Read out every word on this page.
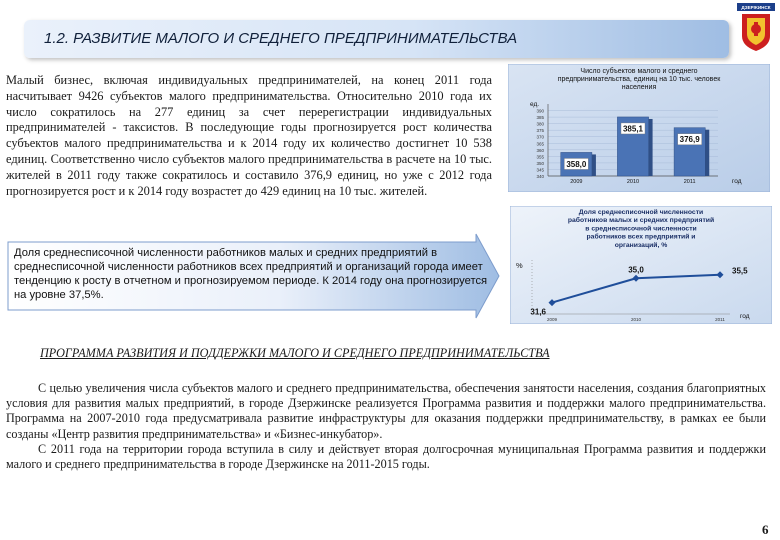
1.2. РАЗВИТИЕ МАЛОГО И СРЕДНЕГО ПРЕДПРИНИМАТЕЛЬСТВА
ДЗЕРЖИНСК

Малый бизнес, включая индивидуальных предпринимателей, на конец 2011 года насчитывает 9426 субъектов малого предпринимательства. Относительно 2010 года их число сократилось на 277 единиц за счет перерегистрации индивидуальных предпринимателей - таксистов. В последующие годы прогнозируется рост количества субъектов малого предпринимательства и к 2014 году их количество достигнет 10 538 единиц. Соответственно число субъектов малого предпринимательства в расчете на 10 тыс. жителей в 2011 году также сократилось и составило 376,9 единиц, но уже с 2012 года прогнозируется рост и к 2014 году возрастет до 429 единиц на 10 тыс. жителей.

Доля среднесписочной численности работников малых и средних предприятий в среднесписочной численности работников всех предприятий и организаций города имеет тенденцию к росту в отчетном и прогнозируемом периоде. К 2014 году она прогнозируется на уровне 37,5%.

Число субъектов малого и среднего
предпринимательства, единиц на 10 тыс. человек
населения
ед.
390
385
380
375
370
365
360
355
350
345
340
2009	2010	2011
358,0
385,1
376,9
год
Доля среднесписочной численности
работников малых и средних предприятий
в среднесписочной численности
работников всех предприятий и
организаций, %
%
2009	2010	2011
31,6
35,0	35,5
год

ПРОГРАММА РАЗВИТИЯ И ПОДДЕРЖКИ МАЛОГО И СРЕДНЕГО ПРЕДПРИНИМАТЕЛЬСТВА

С целью увеличения числа субъектов малого и среднего предпринимательства, обеспечения занятости населения, создания благоприятных условия для развития малых предприятий, в городе Дзержинске реализуется Программа развития и поддержки малого предпринимательства. Программа на 2007-2010 года предусматривала развитие инфраструктуры для оказания поддержки предпринимательству, в рамках ее были созданы «Центр развития предпринимательства» и «Бизнес-инкубатор».

С 2011 года на территории города вступила в силу и действует вторая долгосрочная муниципальная Программа развития и поддержки малого и среднего предпринимательства в городе Дзержинске на 2011-2015 годы.

6
